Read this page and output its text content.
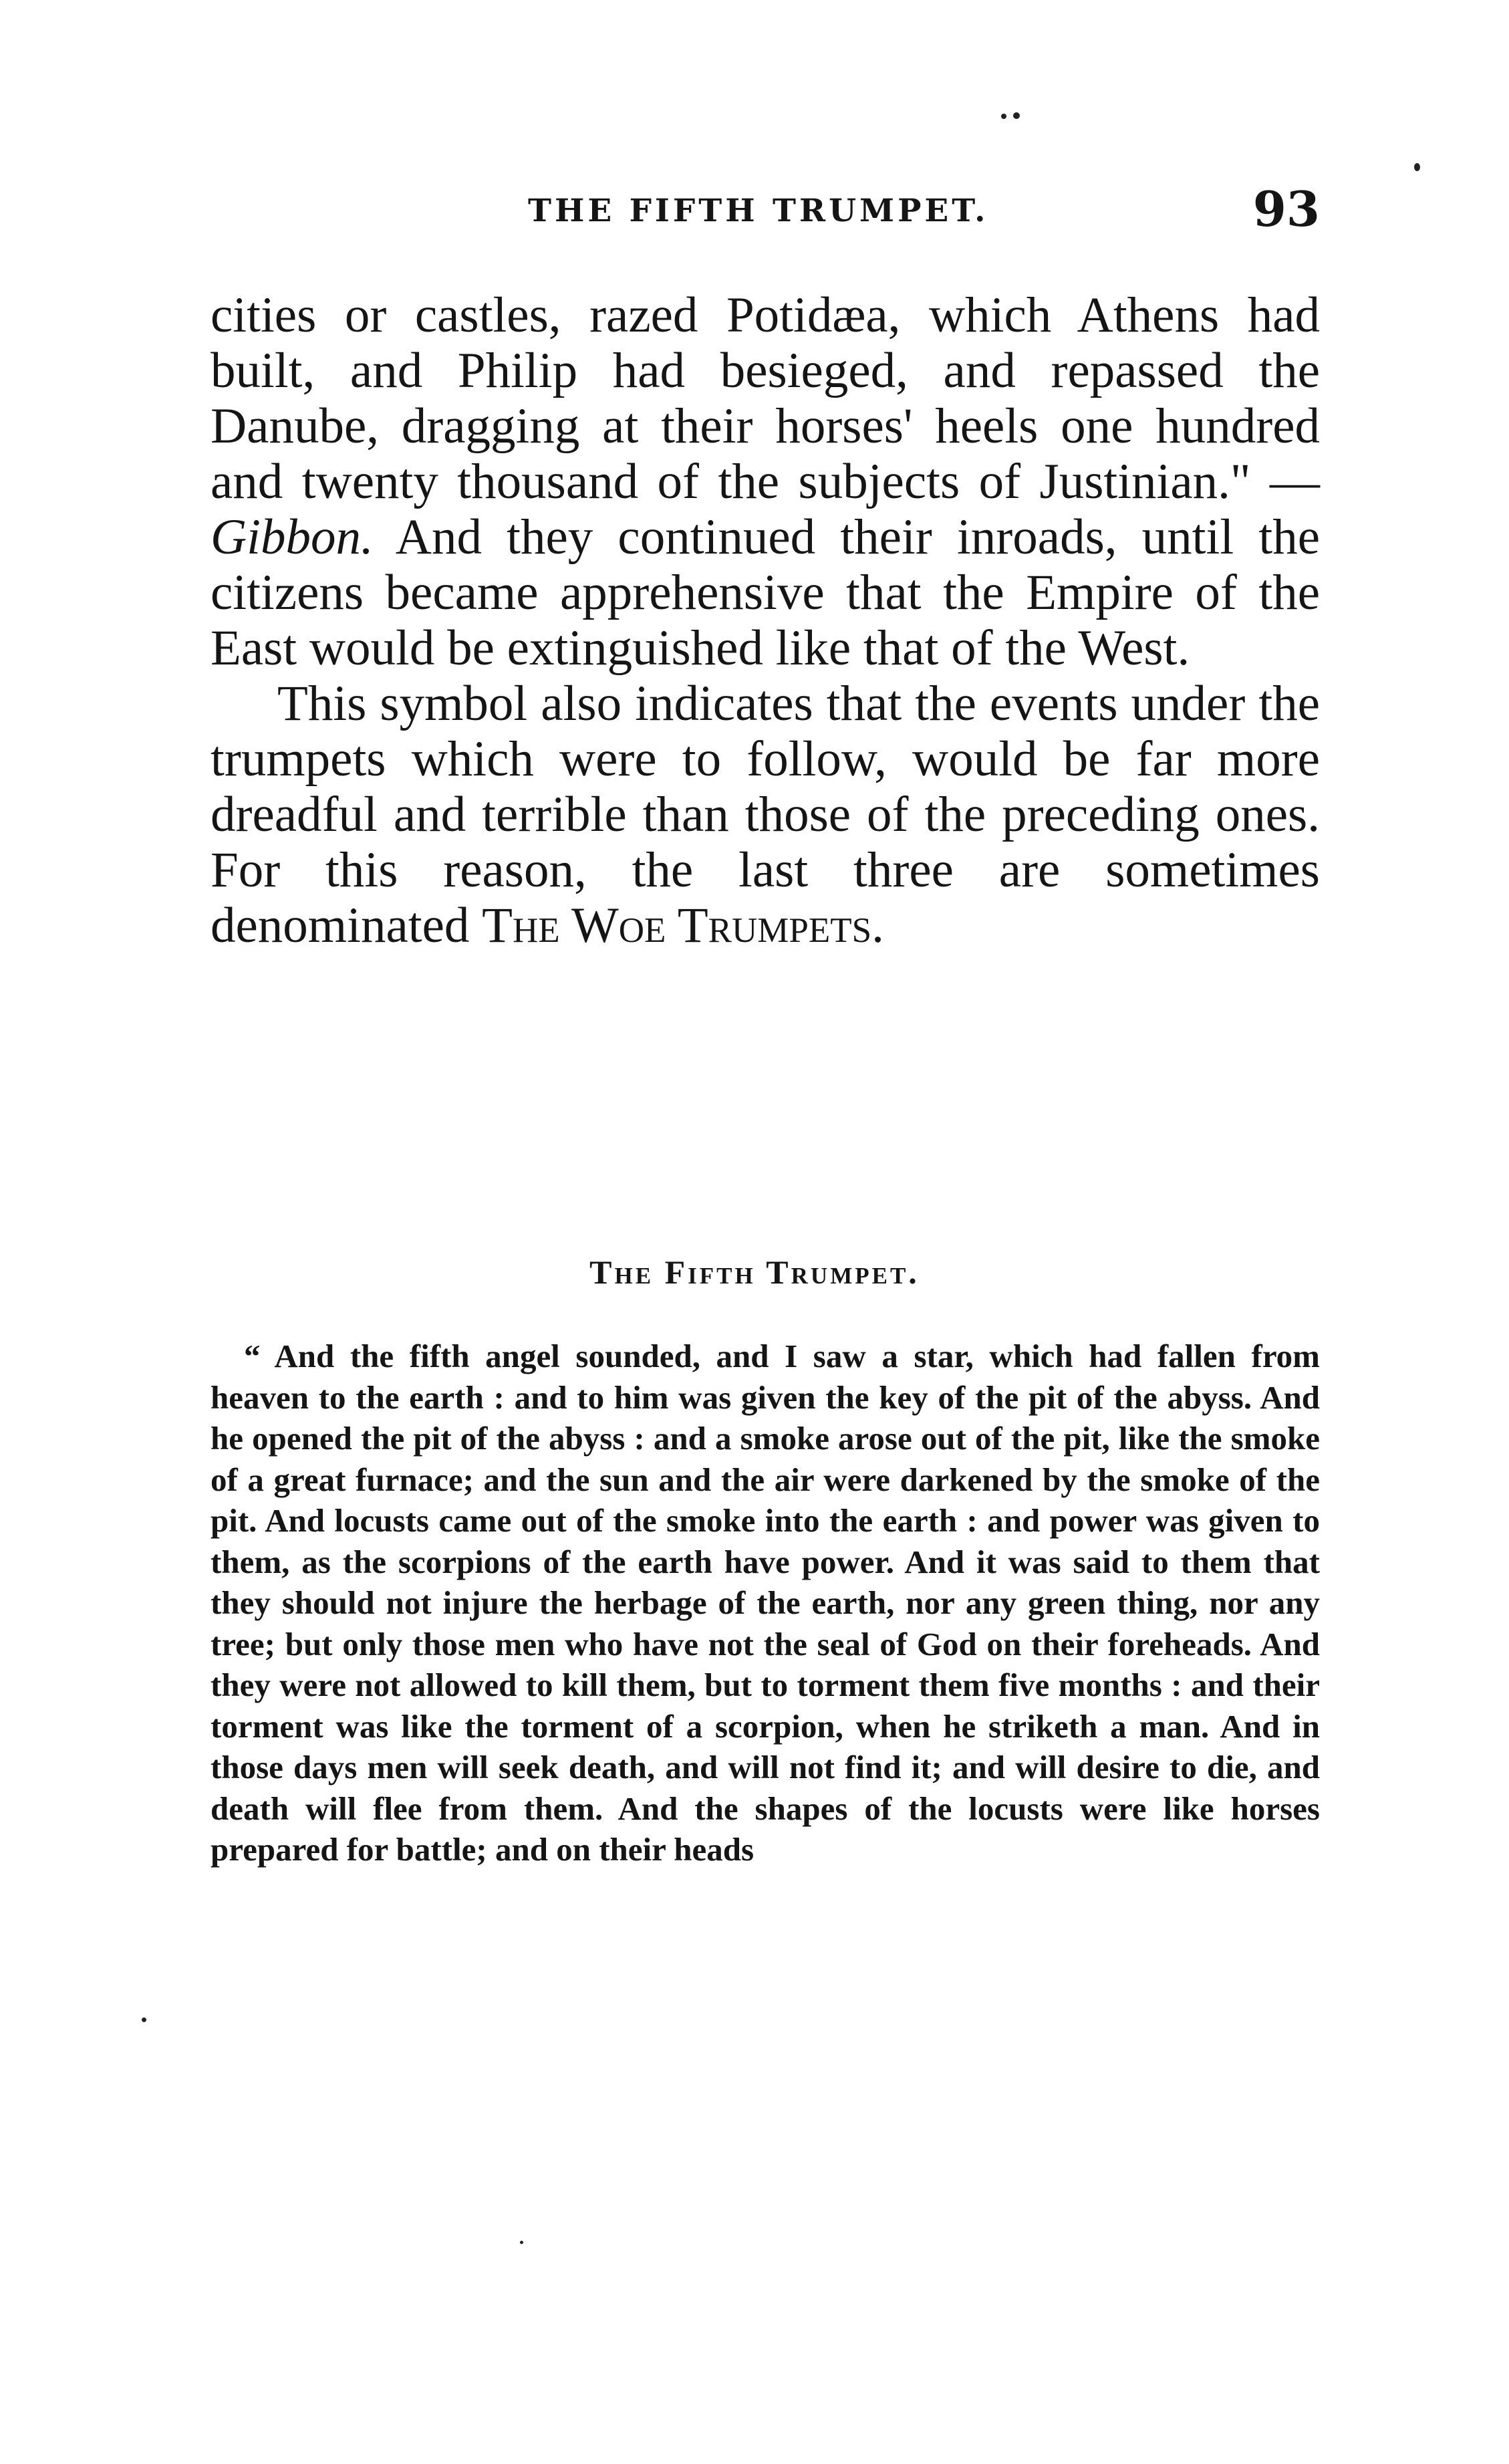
THE FIFTH TRUMPET.	93

cities or castles, razed Potidæa, which Athens had built, and Philip had besieged, and repassed the Danube, dragging at their horses' heels one hundred and twenty thousand of the subjects of Justinian." — Gibbon. And they continued their inroads, until the citizens became apprehensive that the Empire of the East would be extinguished like that of the West.

This symbol also indicates that the events under the trumpets which were to follow, would be far more dreadful and terrible than those of the preceding ones. For this reason, the last three are sometimes denominated The Woe Trumpets.

The Fifth Trumpet.
“ And the fifth angel sounded, and I saw a star, which had fallen from heaven to the earth : and to him was given the key of the pit of the abyss. And he opened the pit of the abyss : and a smoke arose out of the pit, like the smoke of a great furnace; and the sun and the air were darkened by the smoke of the pit. And locusts came out of the smoke into the earth : and power was given to them, as the scorpions of the earth have power. And it was said to them that they should not injure the herbage of the earth, nor any green thing, nor any tree; but only those men who have not the seal of God on their foreheads. And they were not allowed to kill them, but to torment them five months : and their torment was like the torment of a scorpion, when he striketh a man. And in those days men will seek death, and will not find it; and will desire to die, and death will flee from them. And the shapes of the locusts were like horses prepared for battle; and on their heads
